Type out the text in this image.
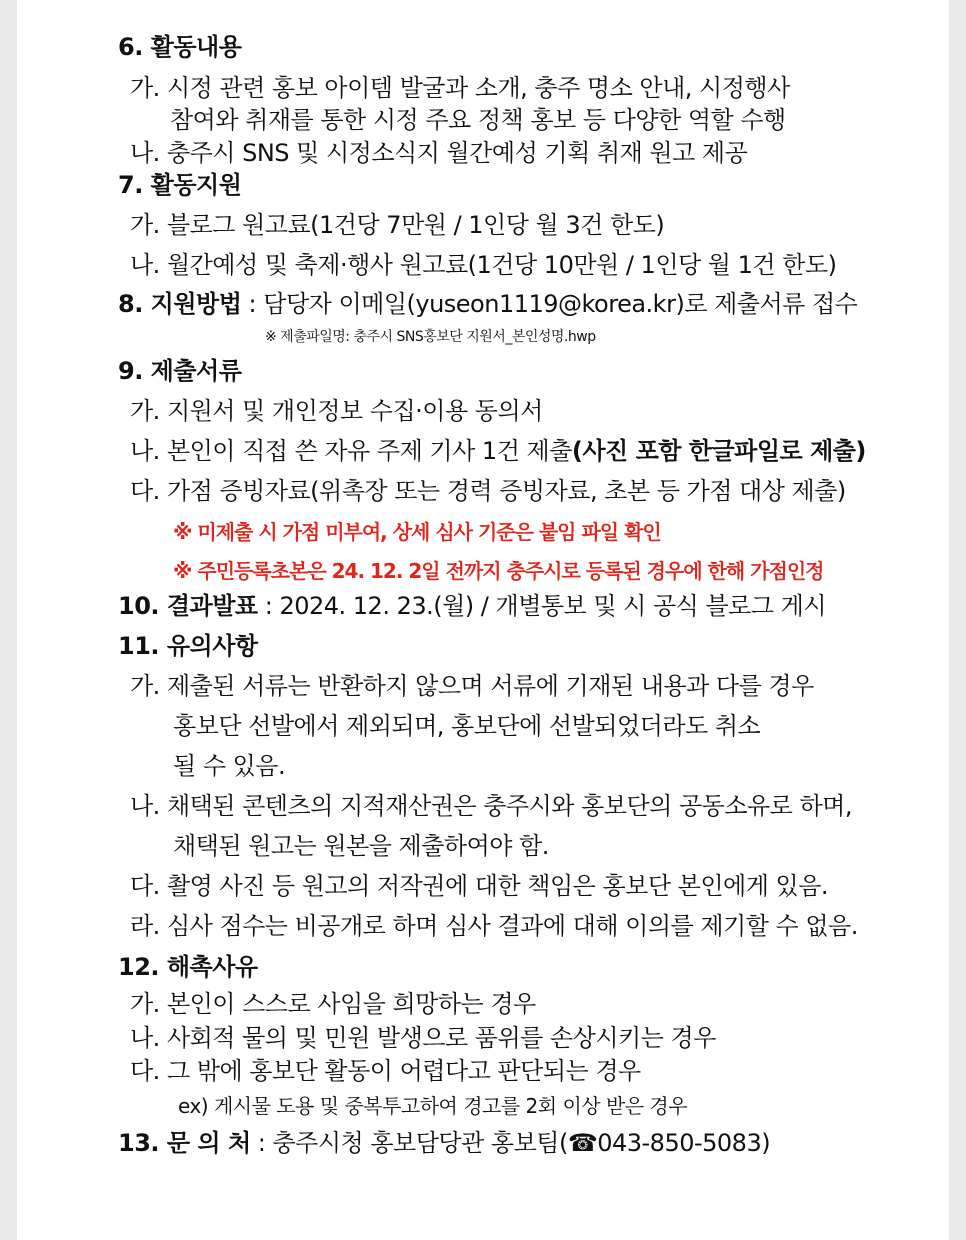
6. 활동내용
가. 시정 관련 홍보 아이템 발굴과 소개, 충주 명소 안내, 시정행사
참여와 취재를 통한 시정 주요 정책 홍보 등 다양한 역할 수행
나. 충주시 SNS 및 시정소식지 월간예성 기획 취재 원고 제공
7. 활동지원
가. 블로그 원고료(1건당 7만원 / 1인당 월 3건 한도)
나. 월간예성 및 축제·행사 원고료(1건당 10만원 / 1인당 월 1건 한도)
8. 지원방법 : 담당자 이메일(yuseon1119@korea.kr)로 제출서류 접수
※ 제출파일명: 충주시 SNS홍보단 지원서_본인성명.hwp
9. 제출서류
가. 지원서 및 개인정보 수집·이용 동의서
나. 본인이 직접 쓴 자유 주제 기사 1건 제출(사진 포함 한글파일로 제출)
다. 가점 증빙자료(위촉장 또는 경력 증빙자료, 초본 등 가점 대상 제출)
※ 미제출 시 가점 미부여, 상세 심사 기준은 붙임 파일 확인
※ 주민등록초본은 24. 12. 2일 전까지 충주시로 등록된 경우에 한해 가점인정
10. 결과발표 : 2024. 12. 23.(월) / 개별통보 및 시 공식 블로그 게시
11. 유의사항
가. 제출된 서류는 반환하지 않으며 서류에 기재된 내용과 다를 경우
홍보단 선발에서 제외되며, 홍보단에 선발되었더라도 취소
될 수 있음.
나. 채택된 콘텐츠의 지적재산권은 충주시와 홍보단의 공동소유로 하며,
채택된 원고는 원본을 제출하여야 함.
다. 촬영 사진 등 원고의 저작권에 대한 책임은 홍보단 본인에게 있음.
라. 심사 점수는 비공개로 하며 심사 결과에 대해 이의를 제기할 수 없음.
12. 해촉사유
가. 본인이 스스로 사임을 희망하는 경우
나. 사회적 물의 및 민원 발생으로 품위를 손상시키는 경우
다. 그 밖에 홍보단 활동이 어렵다고 판단되는 경우
ex) 게시물 도용 및 중복투고하여 경고를 2회 이상 받은 경우
13. 문 의 처 : 충주시청 홍보담당관 홍보팀(☎043-850-5083)
